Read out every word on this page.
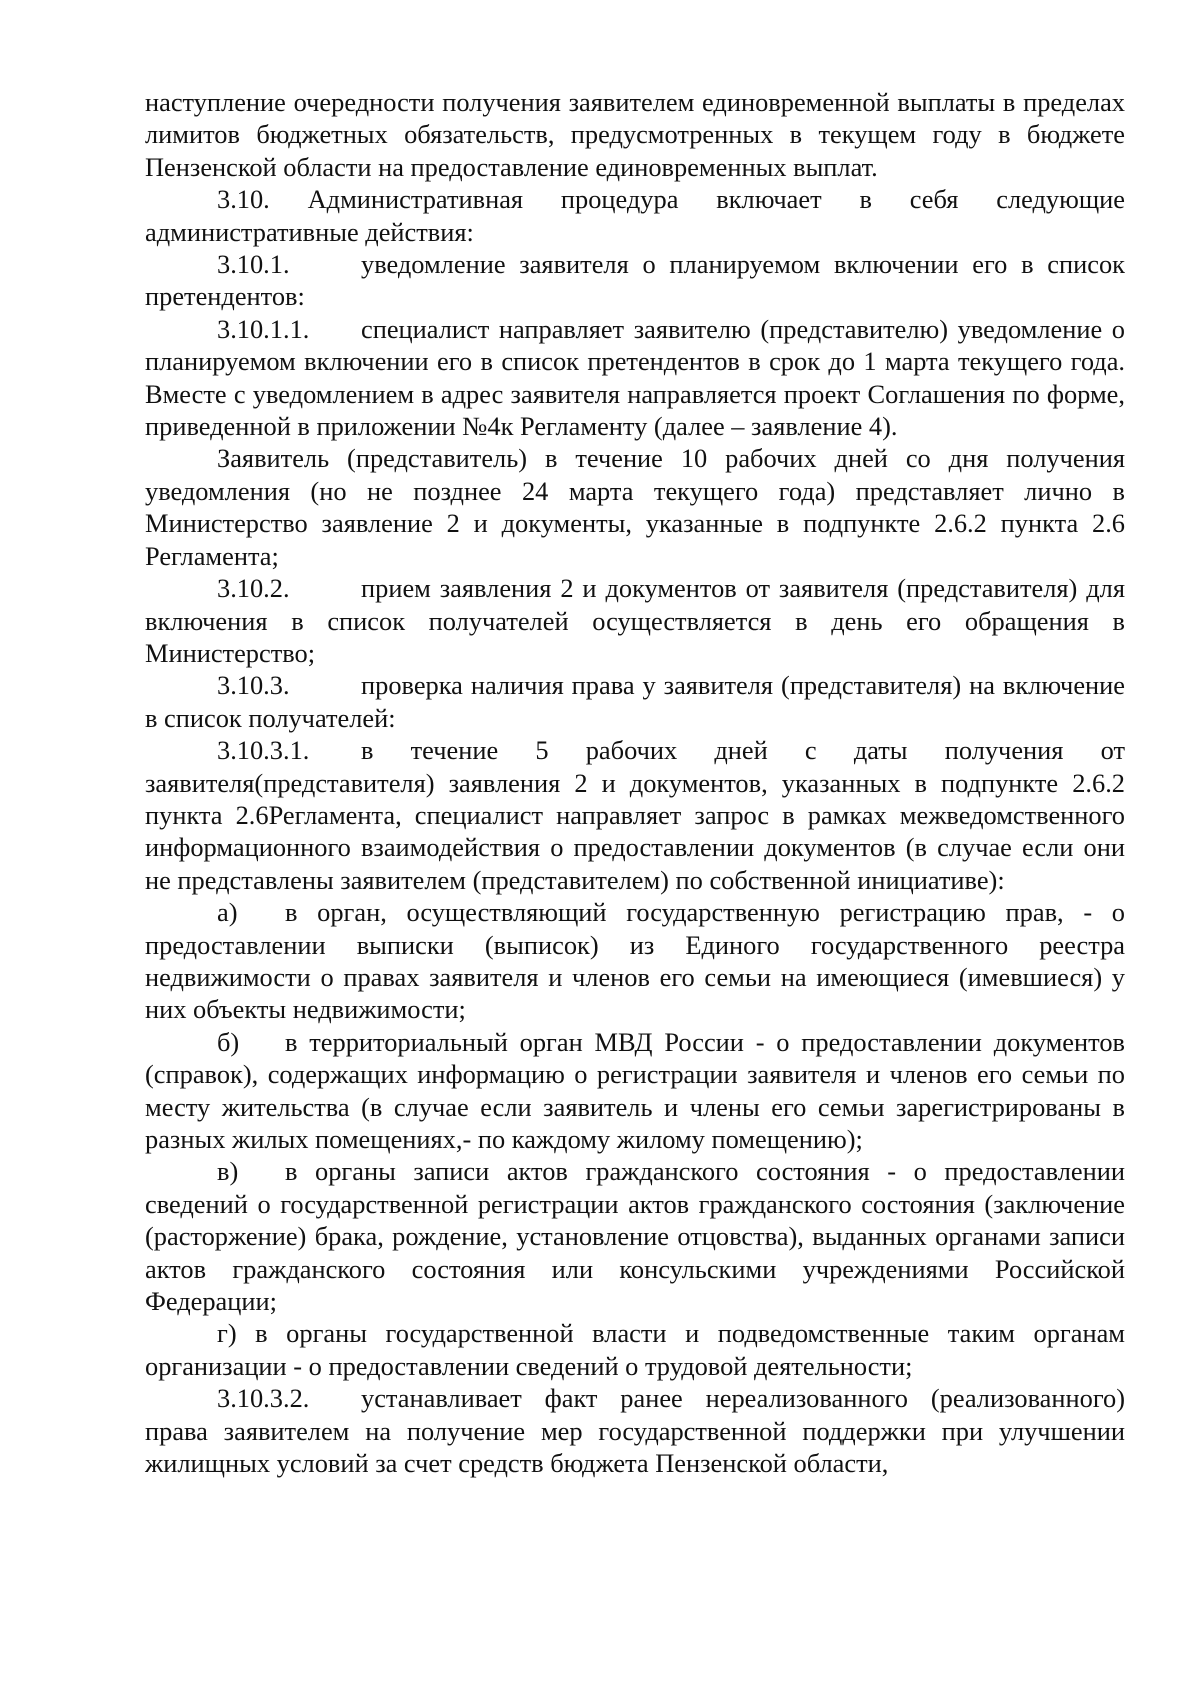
наступление очередности получения заявителем единовременной выплаты в пределах лимитов бюджетных обязательств, предусмотренных в текущем году в бюджете Пензенской области на предоставление единовременных выплат.

3.10. Административная процедура включает в себя следующие административные действия:

3.10.1.	уведомление заявителя о планируемом включении его в список претендентов:

3.10.1.1. специалист направляет заявителю (представителю) уведомление о планируемом включении его в список претендентов в срок до 1 марта текущего года. Вместе с уведомлением в адрес заявителя направляется проект Соглашения по форме, приведенной в приложении №4к Регламенту (далее – заявление 4).

Заявитель (представитель) в течение 10 рабочих дней со дня получения уведомления (но не позднее 24 марта текущего года) представляет лично в Министерство заявление 2 и документы, указанные в подпункте 2.6.2 пункта 2.6 Регламента;

3.10.2.	прием заявления 2 и документов от заявителя (представителя) для включения в список получателей осуществляется в день его обращения в Министерство;

3.10.3.	проверка наличия права у заявителя (представителя) на включение в список получателей:

3.10.3.1. в течение 5 рабочих дней с даты получения от заявителя(представителя) заявления 2 и документов, указанных в подпункте 2.6.2 пункта 2.6Регламента, специалист направляет запрос в рамках межведомственного информационного взаимодействия о предоставлении документов (в случае если они не представлены заявителем (представителем) по собственной инициативе):

а) в орган, осуществляющий государственную регистрацию прав, - о предоставлении выписки (выписок) из Единого государственного реестра недвижимости о правах заявителя и членов его семьи на имеющиеся (имевшиеся) у них объекты недвижимости;

б) в территориальный орган МВД России - о предоставлении документов (справок), содержащих информацию о регистрации заявителя и членов его семьи по месту жительства (в случае если заявитель и члены его семьи зарегистрированы в разных жилых помещениях,- по каждому жилому помещению);

в) в органы записи актов гражданского состояния - о предоставлении сведений о государственной регистрации актов гражданского состояния (заключение (расторжение) брака, рождение, установление отцовства), выданных органами записи актов гражданского состояния или консульскими учреждениями Российской Федерации;

г) в органы государственной власти и подведомственные таким органам организации - о предоставлении сведений о трудовой деятельности;

3.10.3.2. устанавливает факт ранее нереализованного (реализованного) права заявителем на получение мер государственной поддержки при улучшении жилищных условий за счет средств бюджета Пензенской области,
